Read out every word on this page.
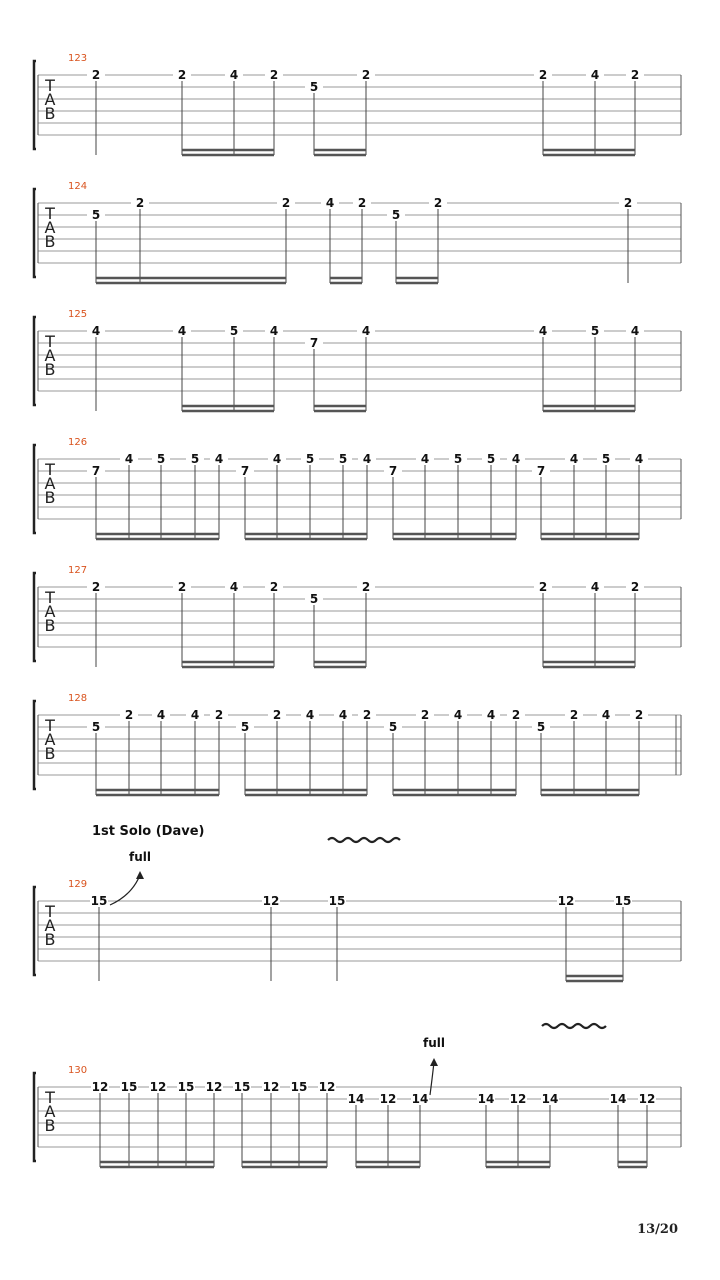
T
A
B
123
2	2	4	2
5
2	2	4	2
T
A
B
124
5
2	2	4 2
5
2	2
T
A
B
125
4	4	5	4
7
4	4	5	4
T
A
B
126
7
4 5 5 4
7
4 5 5 4
7
4 5 5 4
7
4 5 4
T
A
B
127
2	2	4	2
5
2	2	4	2
T
A
B
128
5
2 4 4 2
5
2 4 4 2
5
2 4 4 2
5
2 4 2
T
A
B
129
15	12	15	12	15
T
A
B
130
12 15 12 15 12 15 12 15 12
14 12 14	14 12 14	14 12
1st Solo (Dave)
full
full
13/20
